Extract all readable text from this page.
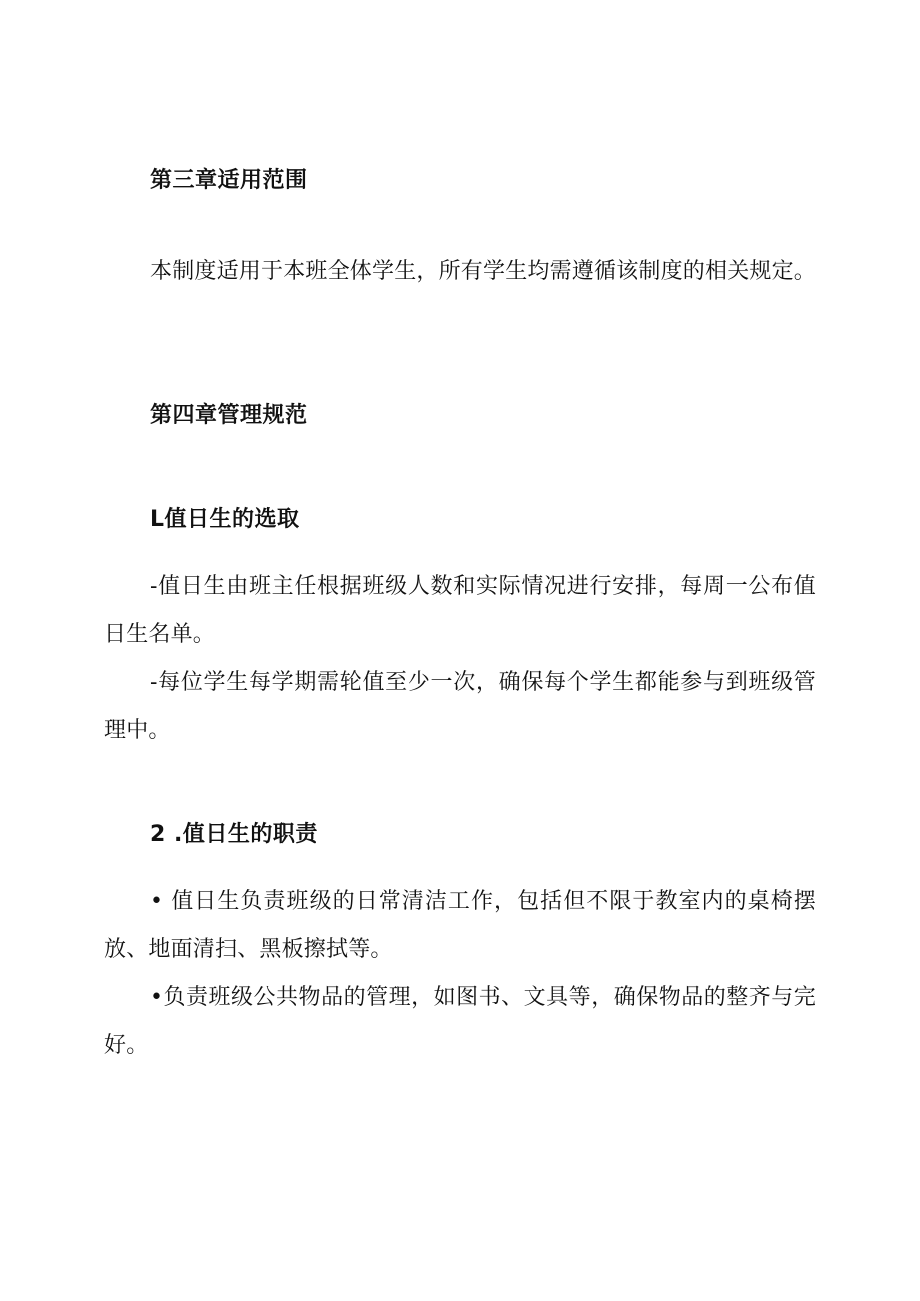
第三章适用范围

本制度适用于本班全体学生，所有学生均需遵循该制度的相关规定。

第四章管理规范
L值日生的选取

-值日生由班主任根据班级人数和实际情况进行安排，每周一公布值日生名单。

-每位学生每学期需轮值至少一次，确保每个学生都能参与到班级管理中。

2 .值日生的职责

• 值日生负责班级的日常清洁工作，包括但不限于教室内的桌椅摆放、地面清扫、黑板擦拭等。

•负责班级公共物品的管理，如图书、文具等，确保物品的整齐与完好。
